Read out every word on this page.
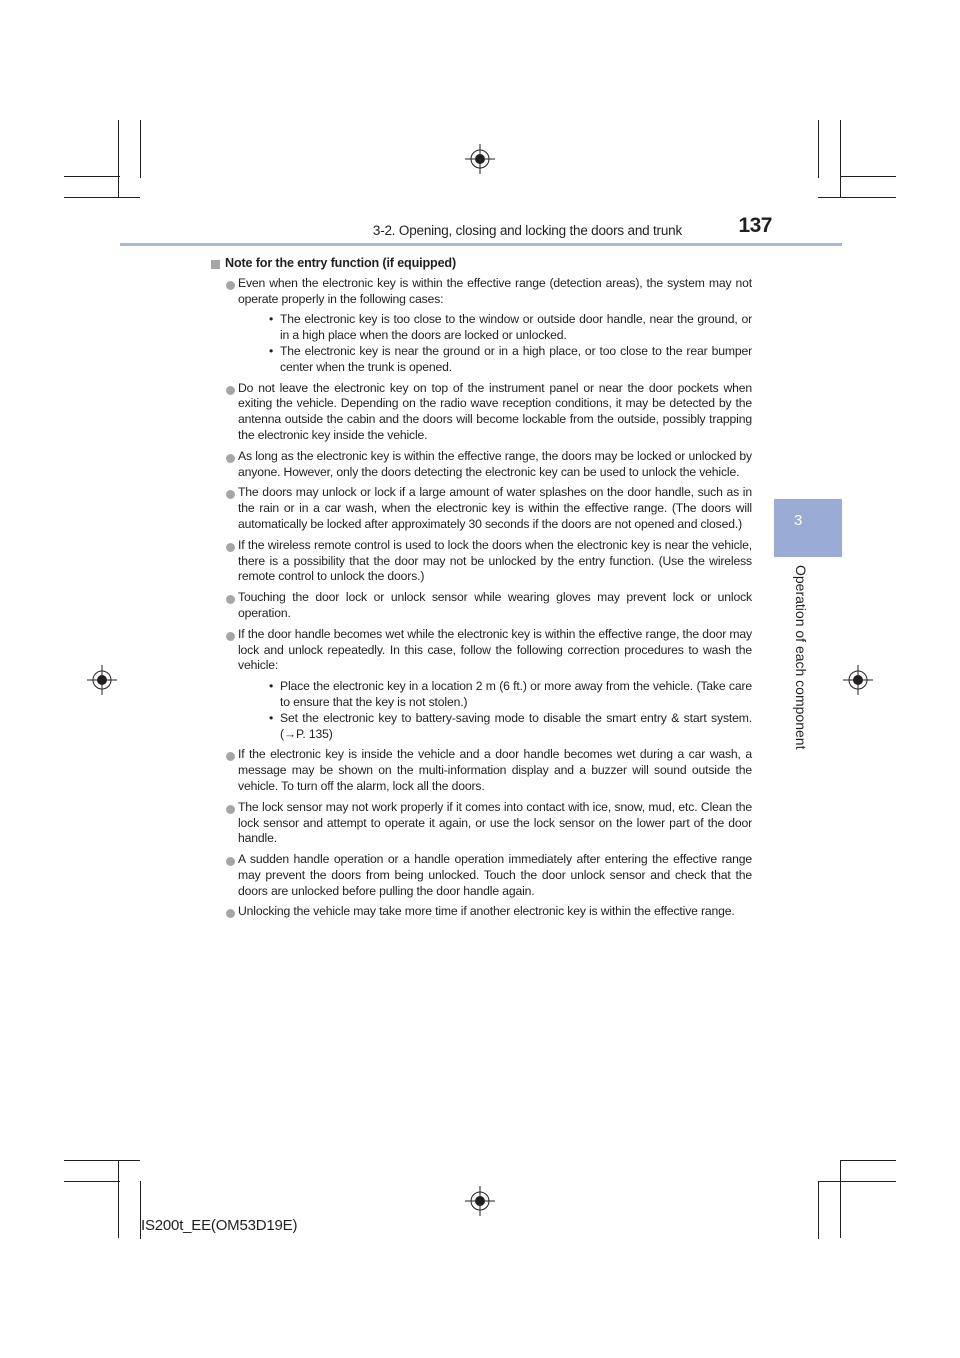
3-2. Opening, closing and locking the doors and trunk	137
3
Operation of each component
Note for the entry function (if equipped)
Even when the electronic key is within the effective range (detection areas), the system may not operate properly in the following cases:
• The electronic key is too close to the window or outside door handle, near the ground, or in a high place when the doors are locked or unlocked.
• The electronic key is near the ground or in a high place, or too close to the rear bumper center when the trunk is opened.
Do not leave the electronic key on top of the instrument panel or near the door pockets when exiting the vehicle. Depending on the radio wave reception conditions, it may be detected by the antenna outside the cabin and the doors will become lockable from the outside, possibly trapping the electronic key inside the vehicle.
As long as the electronic key is within the effective range, the doors may be locked or unlocked by anyone. However, only the doors detecting the electronic key can be used to unlock the vehicle.
The doors may unlock or lock if a large amount of water splashes on the door handle, such as in the rain or in a car wash, when the electronic key is within the effective range. (The doors will automatically be locked after approximately 30 seconds if the doors are not opened and closed.)
If the wireless remote control is used to lock the doors when the electronic key is near the vehicle, there is a possibility that the door may not be unlocked by the entry function. (Use the wireless remote control to unlock the doors.)
Touching the door lock or unlock sensor while wearing gloves may prevent lock or unlock operation.
If the door handle becomes wet while the electronic key is within the effective range, the door may lock and unlock repeatedly. In this case, follow the following correction procedures to wash the vehicle:
• Place the electronic key in a location 2 m (6 ft.) or more away from the vehicle. (Take care to ensure that the key is not stolen.)
• Set the electronic key to battery-saving mode to disable the smart entry & start system. (→P. 135)
If the electronic key is inside the vehicle and a door handle becomes wet during a car wash, a message may be shown on the multi-information display and a buzzer will sound outside the vehicle. To turn off the alarm, lock all the doors.
The lock sensor may not work properly if it comes into contact with ice, snow, mud, etc. Clean the lock sensor and attempt to operate it again, or use the lock sensor on the lower part of the door handle.
A sudden handle operation or a handle operation immediately after entering the effective range may prevent the doors from being unlocked. Touch the door unlock sensor and check that the doors are unlocked before pulling the door handle again.
Unlocking the vehicle may take more time if another electronic key is within the effective range.
IS200t_EE(OM53D19E)
